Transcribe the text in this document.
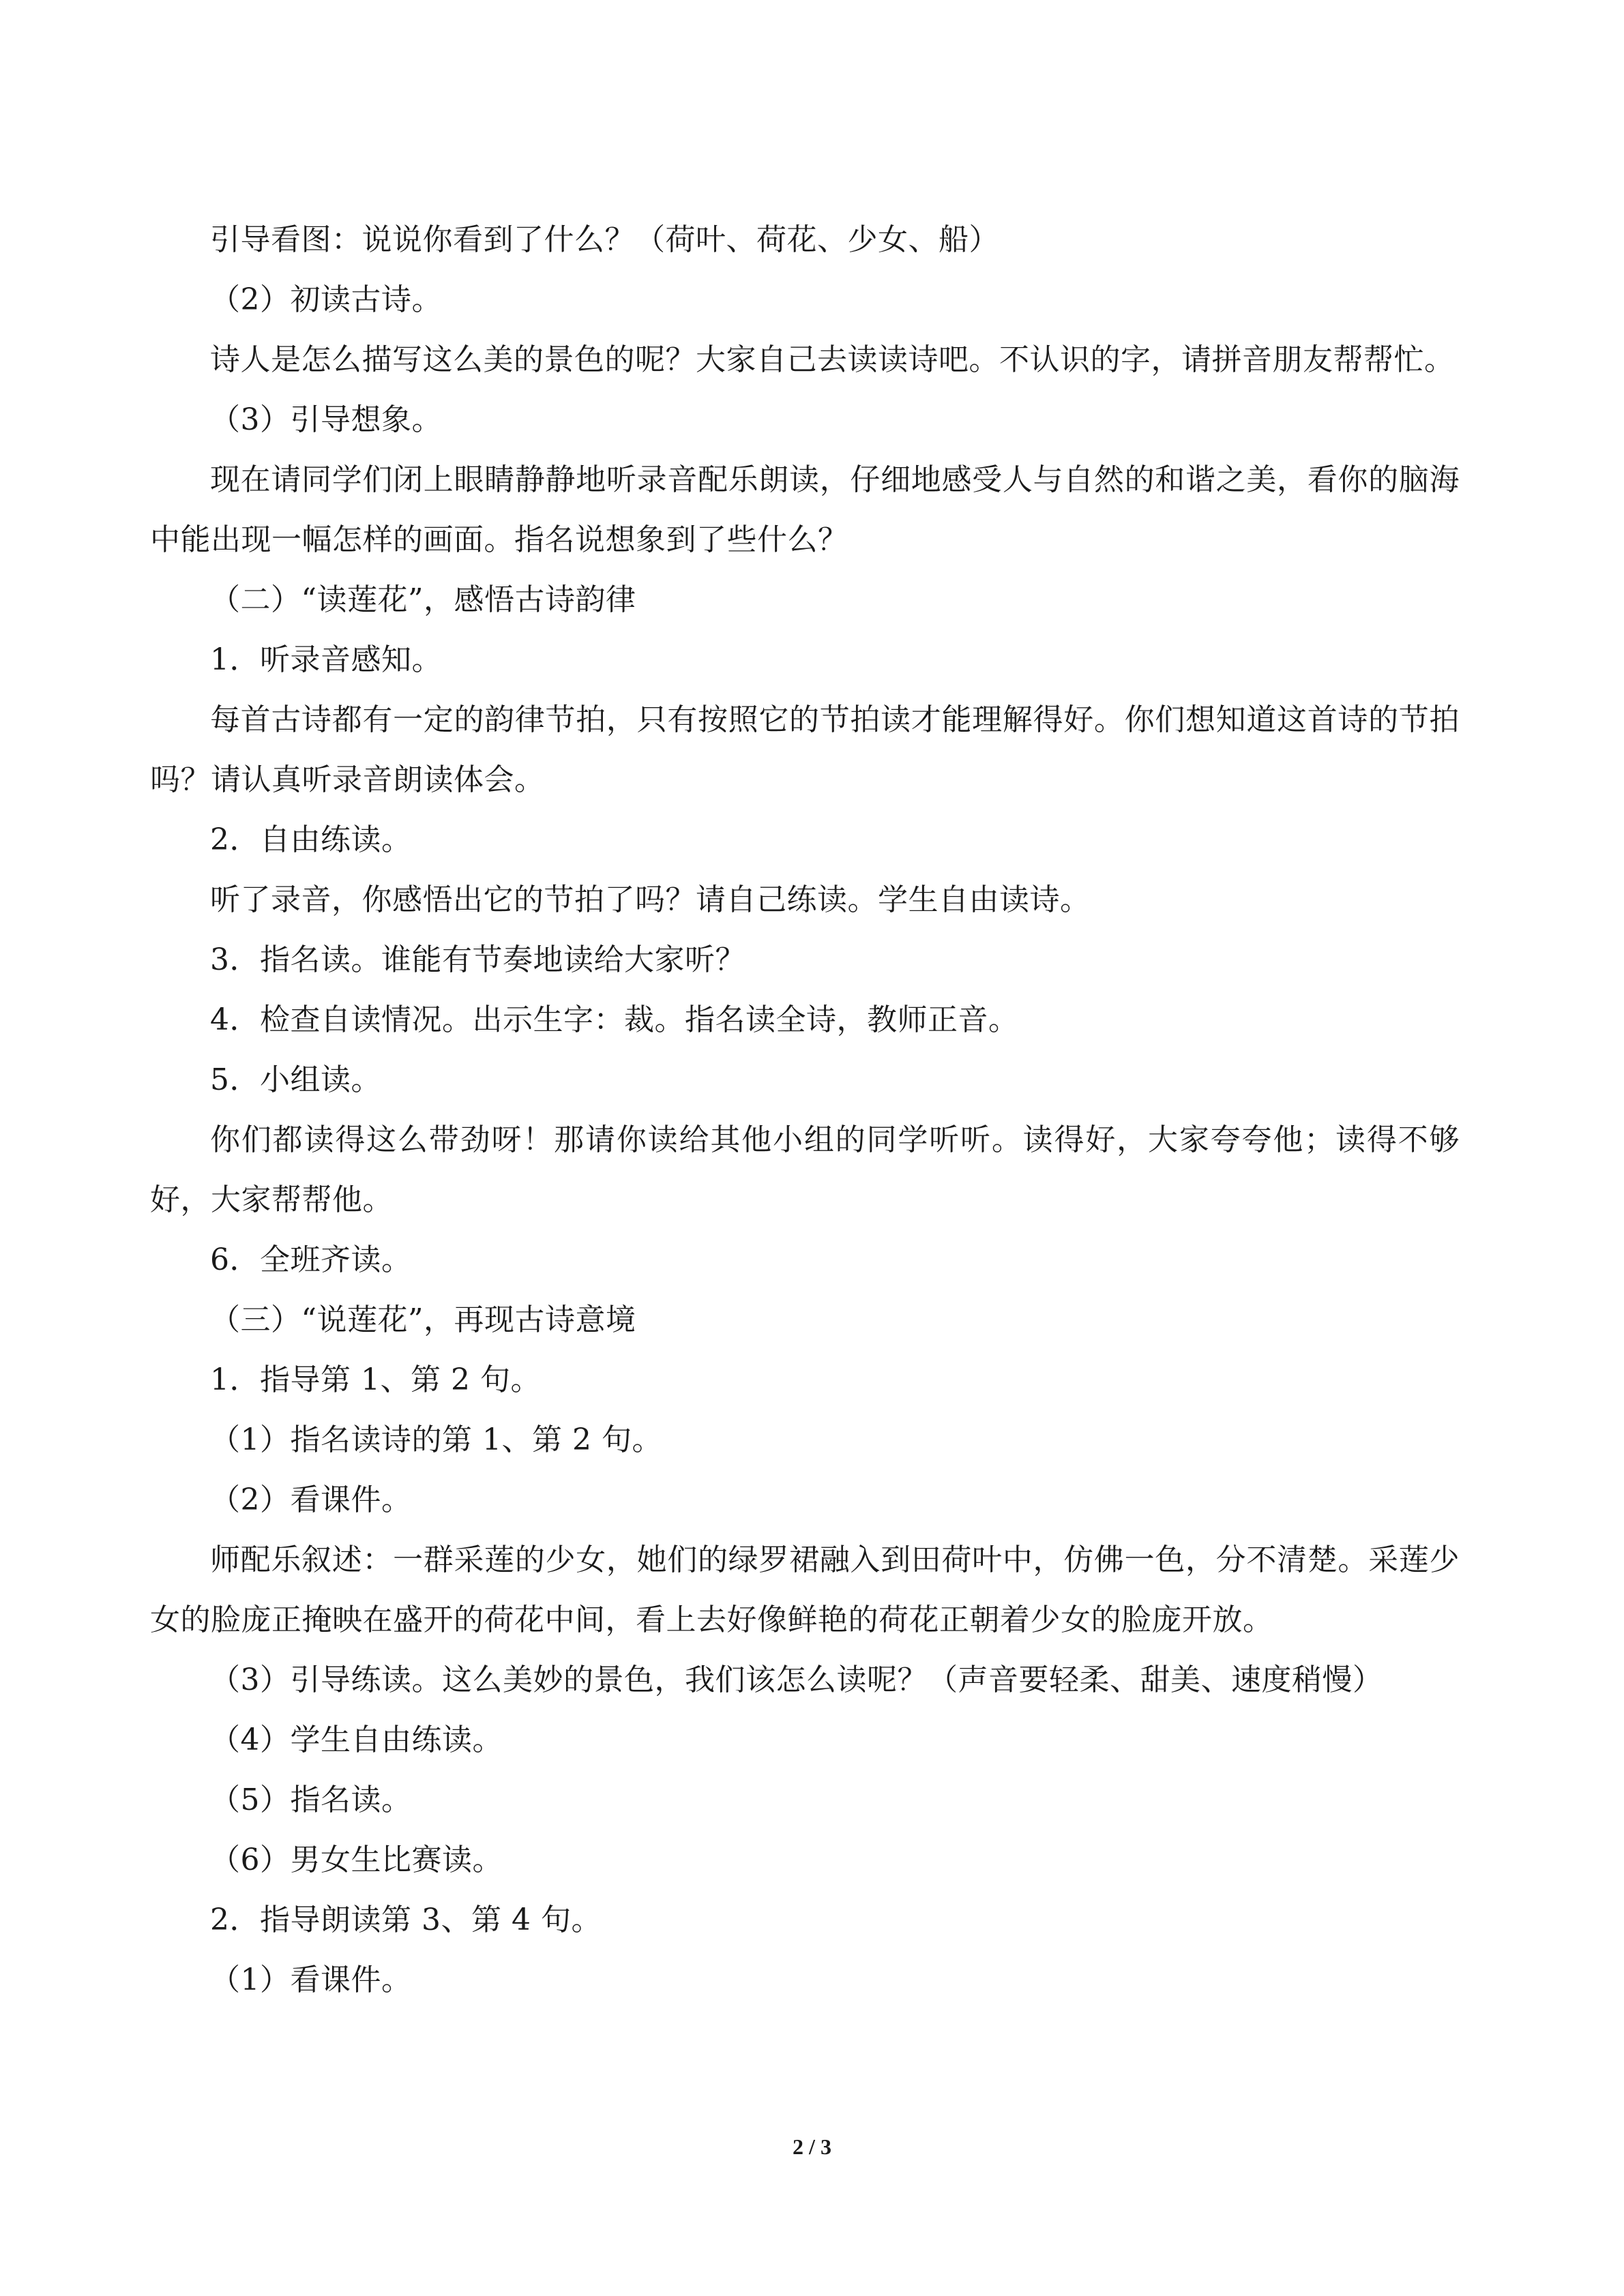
引导看图：说说你看到了什么？（荷叶、荷花、少女、船）

（2）初读古诗。

诗人是怎么描写这么美的景色的呢？大家自己去读读诗吧。不认识的字，请拼音朋友帮帮忙。

（3）引导想象。

现在请同学们闭上眼睛静静地听录音配乐朗读，仔细地感受人与自然的和谐之美，看你的脑海中能出现一幅怎样的画面。指名说想象到了些什么？

（二）“读莲花”，感悟古诗韵律

1．听录音感知。

每首古诗都有一定的韵律节拍，只有按照它的节拍读才能理解得好。你们想知道这首诗的节拍吗？请认真听录音朗读体会。

2．自由练读。

听了录音，你感悟出它的节拍了吗？请自己练读。学生自由读诗。

3．指名读。谁能有节奏地读给大家听？

4．检查自读情况。出示生字：裁。指名读全诗，教师正音。

5．小组读。

你们都读得这么带劲呀！那请你读给其他小组的同学听听。读得好，大家夸夸他；读得不够好，大家帮帮他。

6．全班齐读。

（三）“说莲花”，再现古诗意境

1．指导第 1、第 2 句。

（1）指名读诗的第 1、第 2 句。

（2）看课件。

师配乐叙述：一群采莲的少女，她们的绿罗裙融入到田荷叶中，仿佛一色，分不清楚。采莲少女的脸庞正掩映在盛开的荷花中间，看上去好像鲜艳的荷花正朝着少女的脸庞开放。

（3）引导练读。这么美妙的景色，我们该怎么读呢？（声音要轻柔、甜美、速度稍慢）

（4）学生自由练读。

（5）指名读。

（6）男女生比赛读。

2．指导朗读第 3、第 4 句。

（1）看课件。

2 / 3
